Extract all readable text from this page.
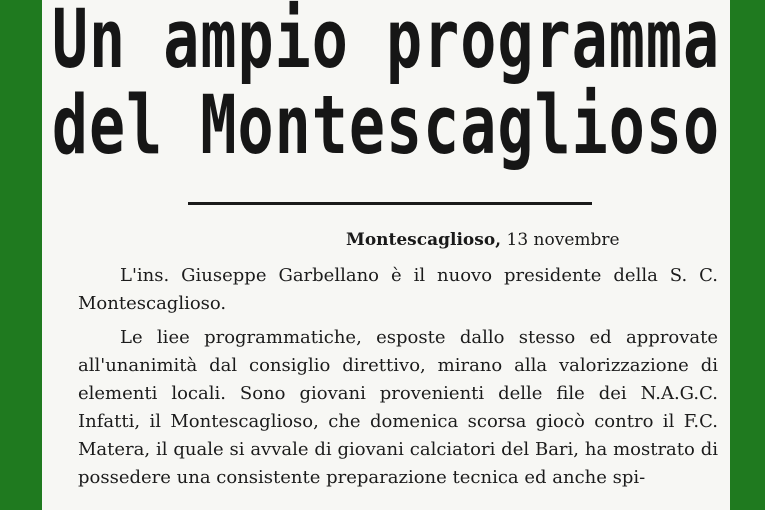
Un ampio programma
del Montescaglioso
Montescaglioso, 13 novembre

L'ins. Giuseppe Garbellano è il nuovo presidente della S. C. Montescaglioso.

Le liee programmatiche, esposte dallo stesso ed approvate all'unanimità dal consiglio direttivo, mirano alla valorizzazione di elementi locali. Sono giovani provenienti delle file dei N.A.G.C. Infatti, il Montescaglioso, che domenica scorsa giocò contro il F.C. Matera, il quale si avvale di giovani calciatori del Bari, ha mostrato di possedere una consistente preparazione tecnica ed anche spi-
